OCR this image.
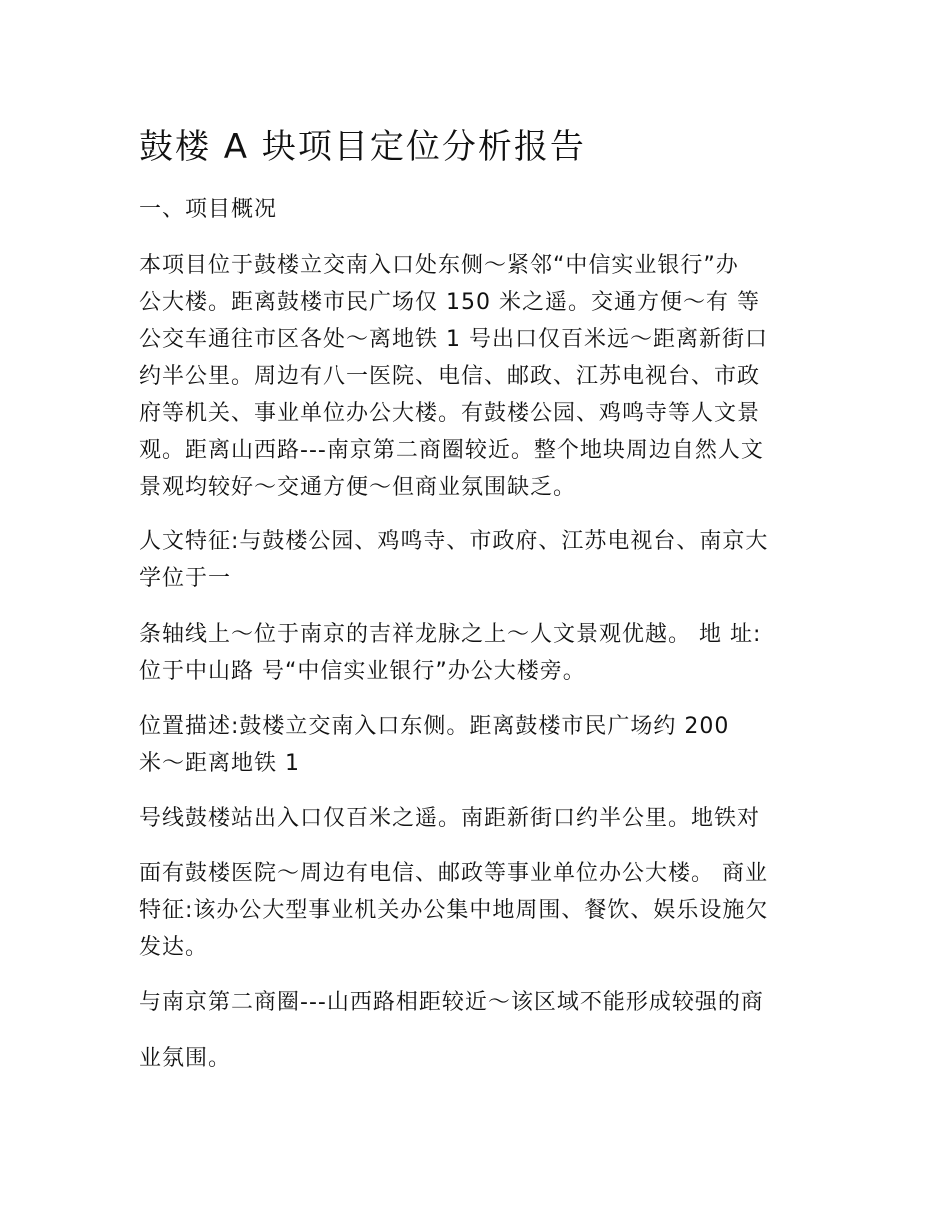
鼓楼 A 块项目定位分析报告

一、项目概况

本项目位于鼓楼立交南入口处东侧～紧邻“中信实业银行”办
公大楼。距离鼓楼市民广场仅 150 米之遥。交通方便～有 等
公交车通往市区各处～离地铁 1 号出口仅百米远～距离新街口
约半公里。周边有八一医院、电信、邮政、江苏电视台、市政
府等机关、事业单位办公大楼。有鼓楼公园、鸡鸣寺等人文景
观。距离山西路---南京第二商圈较近。整个地块周边自然人文
景观均较好～交通方便～但商业氛围缺乏。

人文特征:与鼓楼公园、鸡鸣寺、市政府、江苏电视台、南京大
学位于一

条轴线上～位于南京的吉祥龙脉之上～人文景观优越。 地 址:
位于中山路 号“中信实业银行”办公大楼旁。

位置描述:鼓楼立交南入口东侧。距离鼓楼市民广场约 200
米～距离地铁 1

号线鼓楼站出入口仅百米之遥。南距新街口约半公里。地铁对

面有鼓楼医院～周边有电信、邮政等事业单位办公大楼。 商业
特征:该办公大型事业机关办公集中地周围、餐饮、娱乐设施欠
发达。

与南京第二商圈---山西路相距较近～该区域不能形成较强的商

业氛围。
